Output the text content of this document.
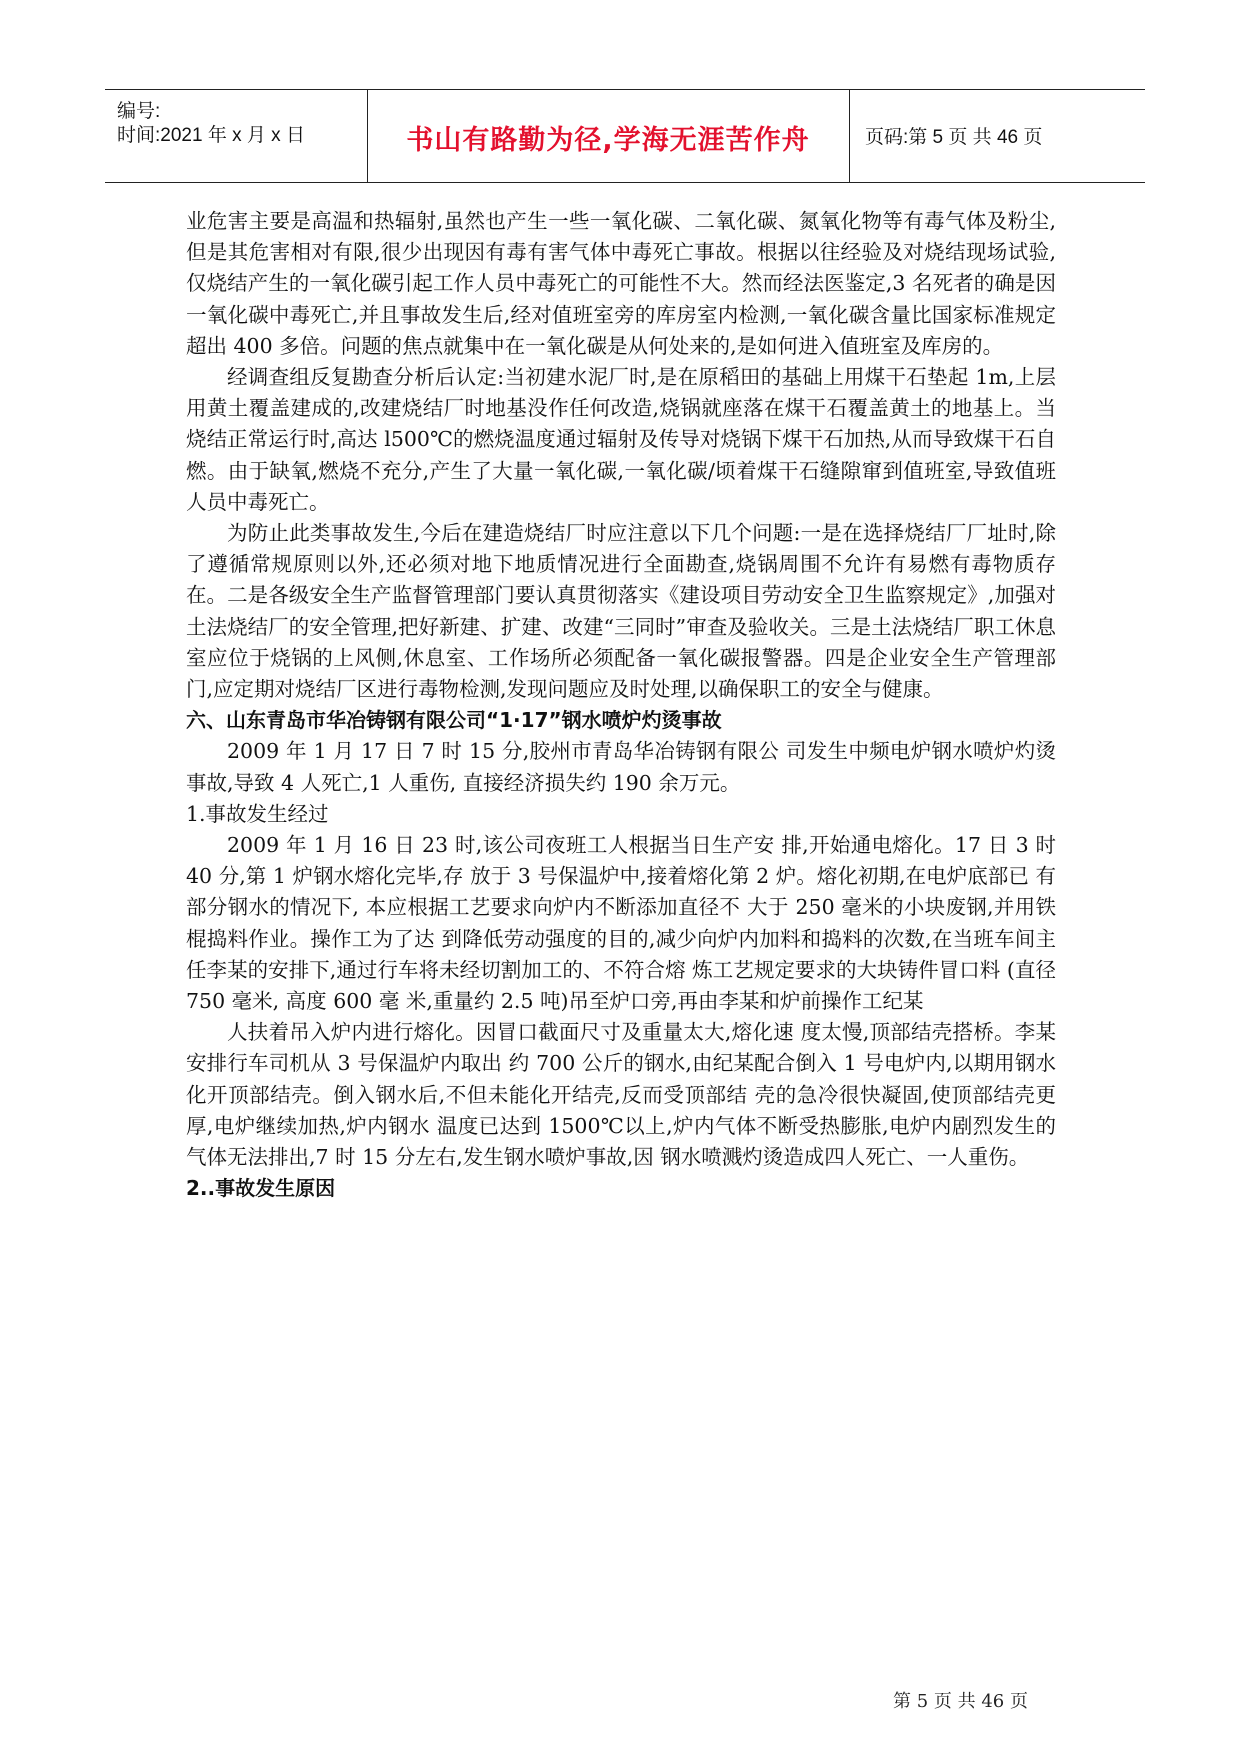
编号:
时间:2021 年 x 月 x 日	书山有路勤为径,学海无涯苦作舟	页码:第 5 页 共 46 页

业危害主要是高温和热辐射,虽然也产生一些一氧化碳、二氧化碳、氮氧化物等有毒气体及粉尘,但是其危害相对有限,很少出现因有毒有害气体中毒死亡事故。根据以往经验及对烧结现场试验,仅烧结产生的一氧化碳引起工作人员中毒死亡的可能性不大。然而经法医鉴定,3 名死者的确是因一氧化碳中毒死亡,并且事故发生后,经对值班室旁的库房室内检测,一氧化碳含量比国家标准规定超出 400 多倍。问题的焦点就集中在一氧化碳是从何处来的,是如何进入值班室及库房的。

经调查组反复勘查分析后认定:当初建水泥厂时,是在原稻田的基础上用煤干石垫起 1m,上层用黄土覆盖建成的,改建烧结厂时地基没作任何改造,烧锅就座落在煤干石覆盖黄土的地基上。当烧结正常运行时,高达 l500℃的燃烧温度通过辐射及传导对烧锅下煤干石加热,从而导致煤干石自燃。由于缺氧,燃烧不充分,产生了大量一氧化碳,一氧化碳/顷着煤干石缝隙窜到值班室,导致值班人员中毒死亡。

为防止此类事故发生,今后在建造烧结厂时应注意以下几个问题:一是在选择烧结厂厂址时,除了遵循常规原则以外,还必须对地下地质情况进行全面勘查,烧锅周围不允许有易燃有毒物质存在。二是各级安全生产监督管理部门要认真贯彻落实《建设项目劳动安全卫生监察规定》,加强对土法烧结厂的安全管理,把好新建、扩建、改建“三同时”审查及验收关。三是土法烧结厂职工休息室应位于烧锅的上风侧,休息室、工作场所必须配备一氧化碳报警器。四是企业安全生产管理部门,应定期对烧结厂区进行毒物检测,发现问题应及时处理,以确保职工的安全与健康。

六、山东青岛市华冶铸钢有限公司“1·17”钢水喷炉灼烫事故

2009 年 1 月 17 日 7 时 15 分,胶州市青岛华冶铸钢有限公 司发生中频电炉钢水喷炉灼烫事故,导致 4 人死亡,1 人重伤, 直接经济损失约 190 余万元。

1.事故发生经过

2009 年 1 月 16 日 23 时,该公司夜班工人根据当日生产安 排,开始通电熔化。17 日 3 时 40 分,第 1 炉钢水熔化完毕,存 放于 3 号保温炉中,接着熔化第 2 炉。熔化初期,在电炉底部已 有部分钢水的情况下, 本应根据工艺要求向炉内不断添加直径不 大于 250 毫米的小块废钢,并用铁棍捣料作业。操作工为了达 到降低劳动强度的目的,减少向炉内加料和捣料的次数,在当班车间主任李某的安排下,通过行车将未经切割加工的、不符合熔 炼工艺规定要求的大块铸件冒口料 (直径 750 毫米, 高度 600 毫 米,重量约 2.5 吨)吊至炉口旁,再由李某和炉前操作工纪某

人扶着吊入炉内进行熔化。因冒口截面尺寸及重量太大,熔化速 度太慢,顶部结壳搭桥。李某安排行车司机从 3 号保温炉内取出 约 700 公斤的钢水,由纪某配合倒入 1 号电炉内,以期用钢水 化开顶部结壳。倒入钢水后,不但未能化开结壳,反而受顶部结 壳的急冷很快凝固,使顶部结壳更厚,电炉继续加热,炉内钢水 温度已达到 1500℃以上,炉内气体不断受热膨胀,电炉内剧烈发生的气体无法排出,7 时 15 分左右,发生钢水喷炉事故,因 钢水喷溅灼烫造成四人死亡、一人重伤。

2..事故发生原因

第 5 页 共 46 页
